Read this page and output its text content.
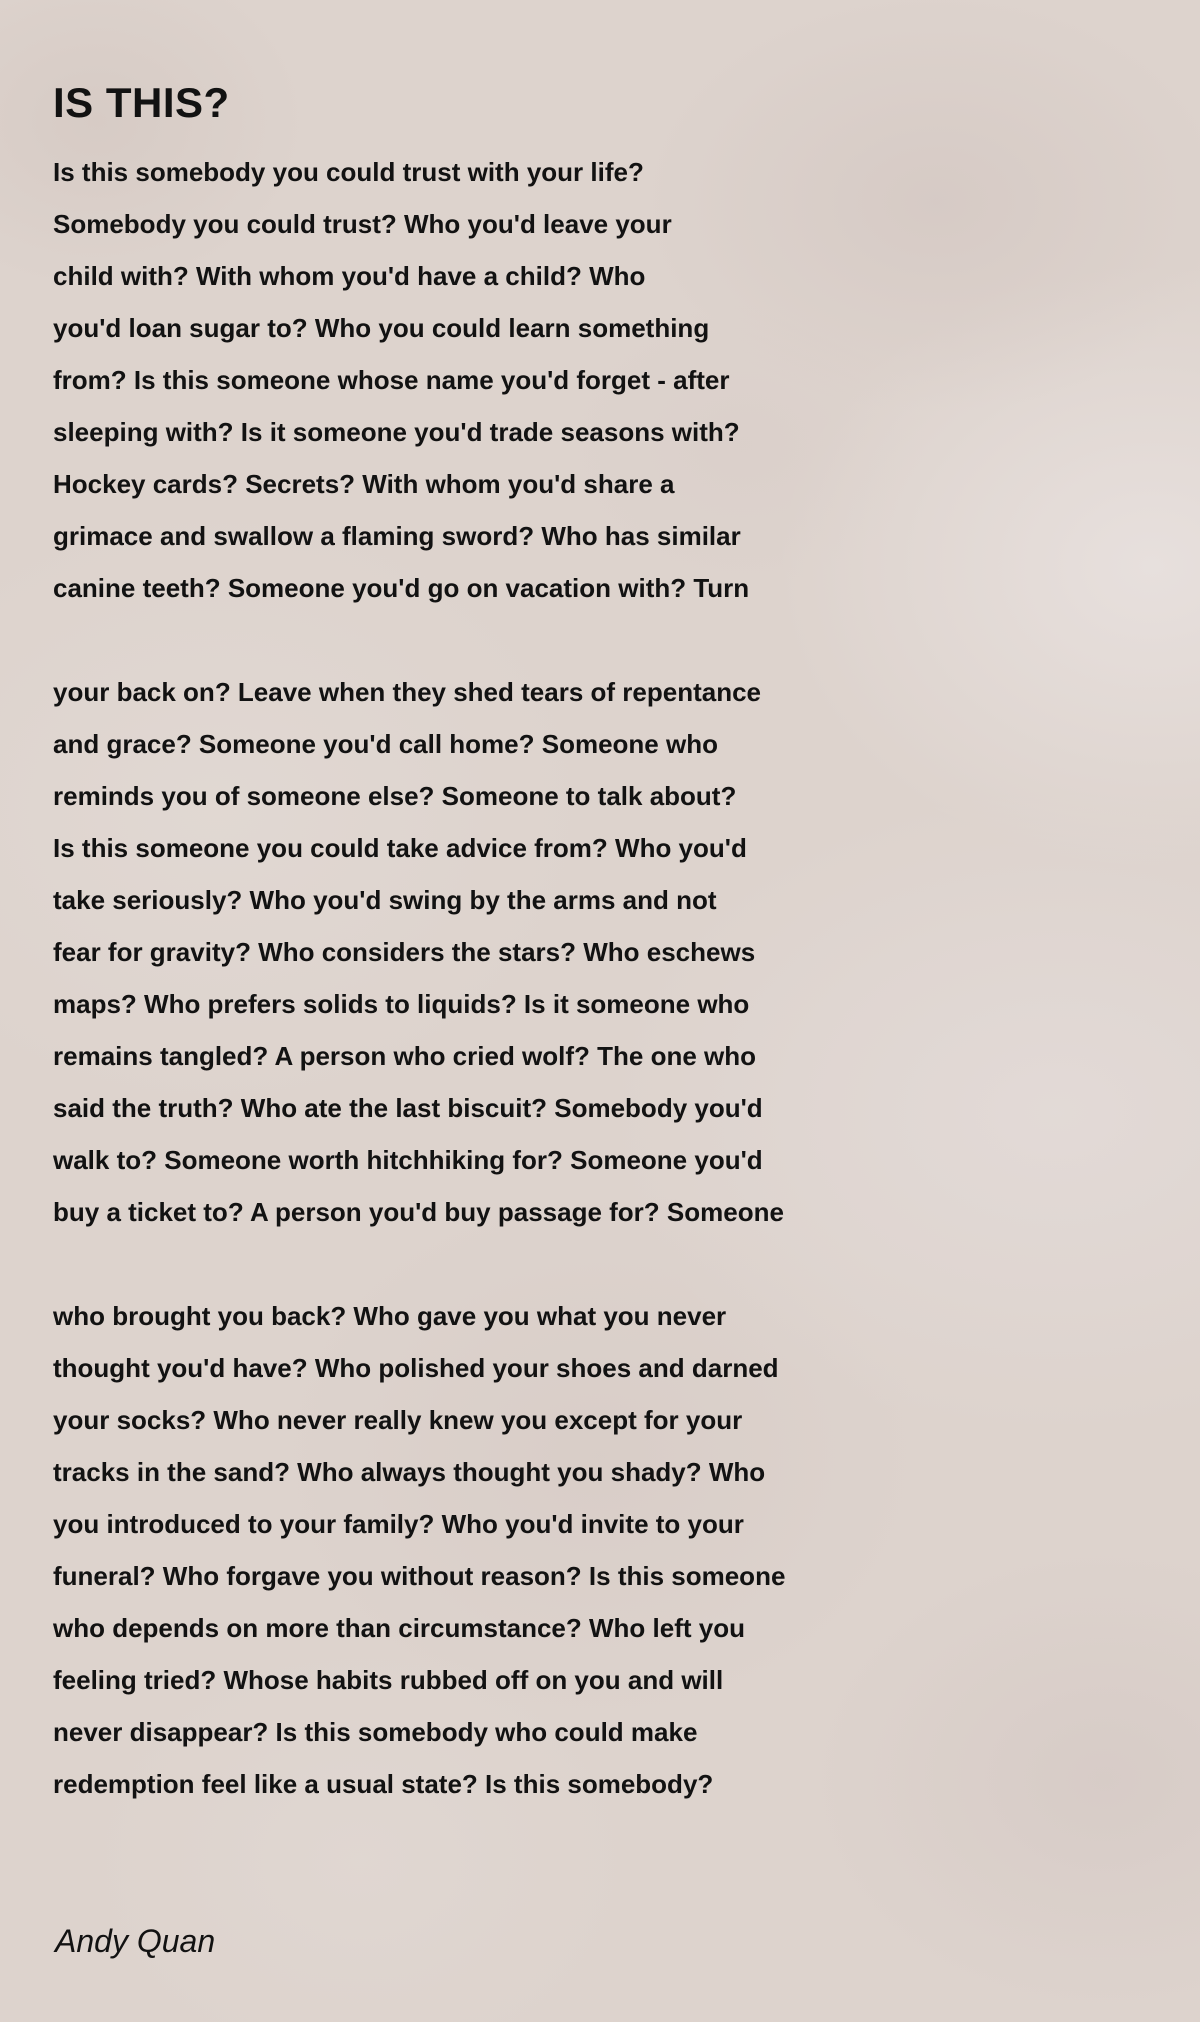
IS THIS?
Is this somebody you could trust with your life?
Somebody you could trust? Who you'd leave your
child with? With whom you'd have a child? Who
you'd loan sugar to? Who you could learn something
from? Is this someone whose name you'd forget - after
sleeping with? Is it someone you'd trade seasons with?
Hockey cards? Secrets? With whom you'd share a
grimace and swallow a flaming sword? Who has similar
canine teeth? Someone you'd go on vacation with? Turn
your back on? Leave when they shed tears of repentance
and grace? Someone you'd call home? Someone who
reminds you of someone else? Someone to talk about?
Is this someone you could take advice from? Who you'd
take seriously? Who you'd swing by the arms and not
fear for gravity? Who considers the stars? Who eschews
maps? Who prefers solids to liquids? Is it someone who
remains tangled? A person who cried wolf? The one who
said the truth? Who ate the last biscuit? Somebody you'd
walk to? Someone worth hitchhiking for? Someone you'd
buy a ticket to? A person you'd buy passage for? Someone
who brought you back? Who gave you what you never
thought you'd have? Who polished your shoes and darned
your socks? Who never really knew you except for your
tracks in the sand? Who always thought you shady? Who
you introduced to your family? Who you'd invite to your
funeral? Who forgave you without reason? Is this someone
who depends on more than circumstance? Who left you
feeling tried? Whose habits rubbed off on you and will
never disappear? Is this somebody who could make
redemption feel like a usual state? Is this somebody?
Andy Quan
